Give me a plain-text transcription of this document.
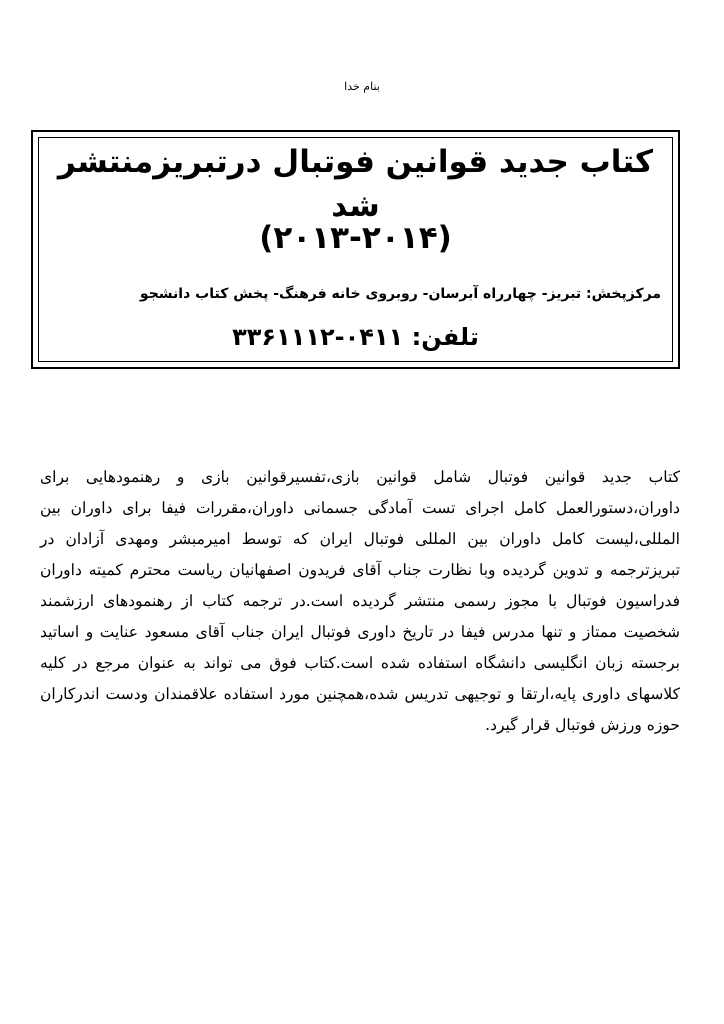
بنام خدا
کتاب جدید قوانین فوتبال درتبریزمنتشر شد
(۲۰۱۳-۲۰۱۴)
مرکزپخش: تبریز- چهارراه آبرسان- روبروی خانه فرهنگ- پخش کتاب دانشجو
تلفن: ۰۴۱۱-۳۳۶۱۱۱۲
کتاب جدید قوانین فوتبال شامل قوانین بازی،تفسیرقوانین بازی و رهنمودهایی برای داوران،دستورالعمل کامل اجرای تست آمادگی جسمانی داوران،مقررات فیفا برای داوران بین المللی،لیست کامل داوران بین المللی فوتبال ایران که توسط امیرمبشر ومهدی آزادان در تبریزترجمه و تدوین گردیده وبا نظارت جناب آقای فریدون اصفهانیان ریاست محترم کمیته داوران فدراسیون فوتبال با مجوز رسمی منتشر گردیده است.در ترجمه کتاب از رهنمودهای ارزشمند شخصیت ممتاز و تنها مدرس فیفا در تاریخ داوری فوتبال ایران جناب آقای مسعود عنایت و اساتید برجسته زبان انگلیسی دانشگاه استفاده شده است.کتاب فوق می تواند به عنوان مرجع در کلیه کلاسهای داوری پایه،ارتقا و توجیهی تدریس شده،همچنین مورد استفاده علاقمندان ودست اندرکاران حوزه ورزش فوتبال قرار گیرد.
